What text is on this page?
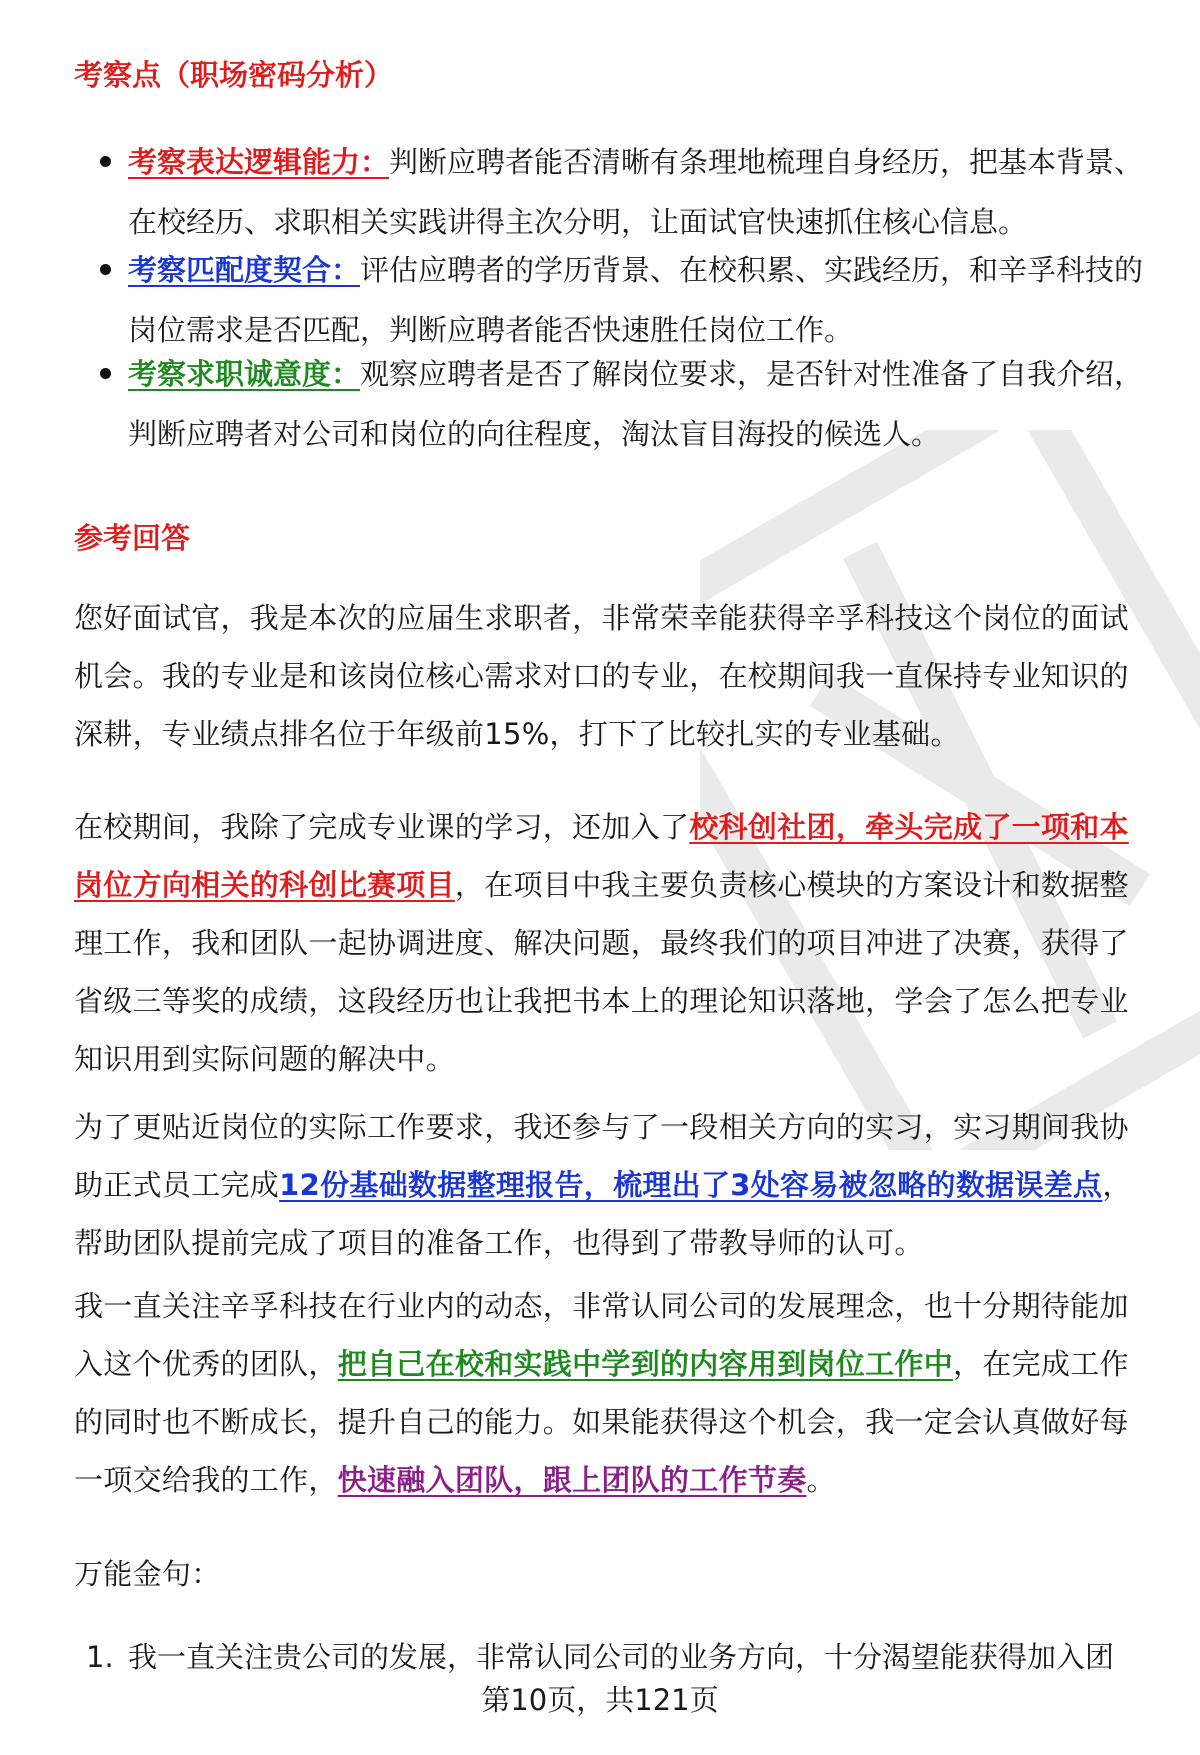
考察点（职场密码分析）
考察表达逻辑能力：判断应聘者能否清晰有条理地梳理自身经历，把基本背景、在校经历、求职相关实践讲得主次分明，让面试官快速抓住核心信息。
考察匹配度契合：评估应聘者的学历背景、在校积累、实践经历，和辛孚科技的岗位需求是否匹配，判断应聘者能否快速胜任岗位工作。
考察求职诚意度：观察应聘者是否了解岗位要求，是否针对性准备了自我介绍，判断应聘者对公司和岗位的向往程度，淘汰盲目海投的候选人。
参考回答

您好面试官，我是本次的应届生求职者，非常荣幸能获得辛孚科技这个岗位的面试机会。我的专业是和该岗位核心需求对口的专业，在校期间我一直保持专业知识的深耕，专业绩点排名位于年级前15%，打下了比较扎实的专业基础。

在校期间，我除了完成专业课的学习，还加入了校科创社团，牵头完成了一项和本岗位方向相关的科创比赛项目，在项目中我主要负责核心模块的方案设计和数据整理工作，我和团队一起协调进度、解决问题，最终我们的项目冲进了决赛，获得了省级三等奖的成绩，这段经历也让我把书本上的理论知识落地，学会了怎么把专业知识用到实际问题的解决中。

为了更贴近岗位的实际工作要求，我还参与了一段相关方向的实习，实习期间我协助正式员工完成12份基础数据整理报告，梳理出了3处容易被忽略的数据误差点，帮助团队提前完成了项目的准备工作，也得到了带教导师的认可。

我一直关注辛孚科技在行业内的动态，非常认同公司的发展理念，也十分期待能加入这个优秀的团队，把自己在校和实践中学到的内容用到岗位工作中，在完成工作的同时也不断成长，提升自己的能力。如果能获得这个机会，我一定会认真做好每一项交给我的工作，快速融入团队，跟上团队的工作节奏。

万能金句：

1. 我一直关注贵公司的发展，非常认同公司的业务方向，十分渴望能获得加入团
第10页，共121页
